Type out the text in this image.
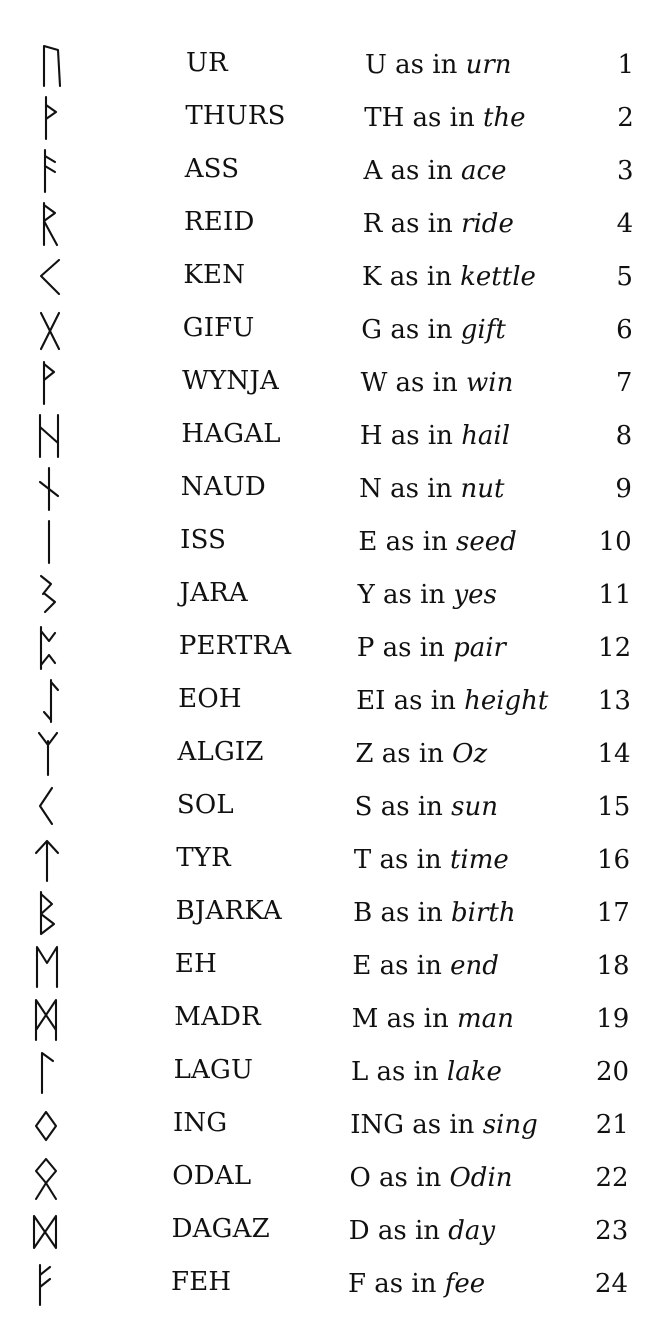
UR	U as in urn	1
THURS	TH as in the	2
ASS	A as in ace	3
REID	R as in ride	4
KEN	K as in kettle	5
GIFU	G as in gift	6
WYNJA	W as in win	7
HAGAL	H as in hail	8
NAUD	N as in nut	9
ISS	E as in seed	10
JARA	Y as in yes	11
PERTRA	P as in pair	12
EOH	EI as in height 13
ALGIZ	Z as in Oz	14
SOL	S as in sun	15
TYR	T as in time	16
BJARKA	B as in birth	17
EH	E as in end	18
MADR	M as in man	19
LAGU	L as in lake	20
ING	ING as in sing 21
ODAL	O as in Odin	22
DAGAZ	D as in day	23
FEH	F as in fee	24
